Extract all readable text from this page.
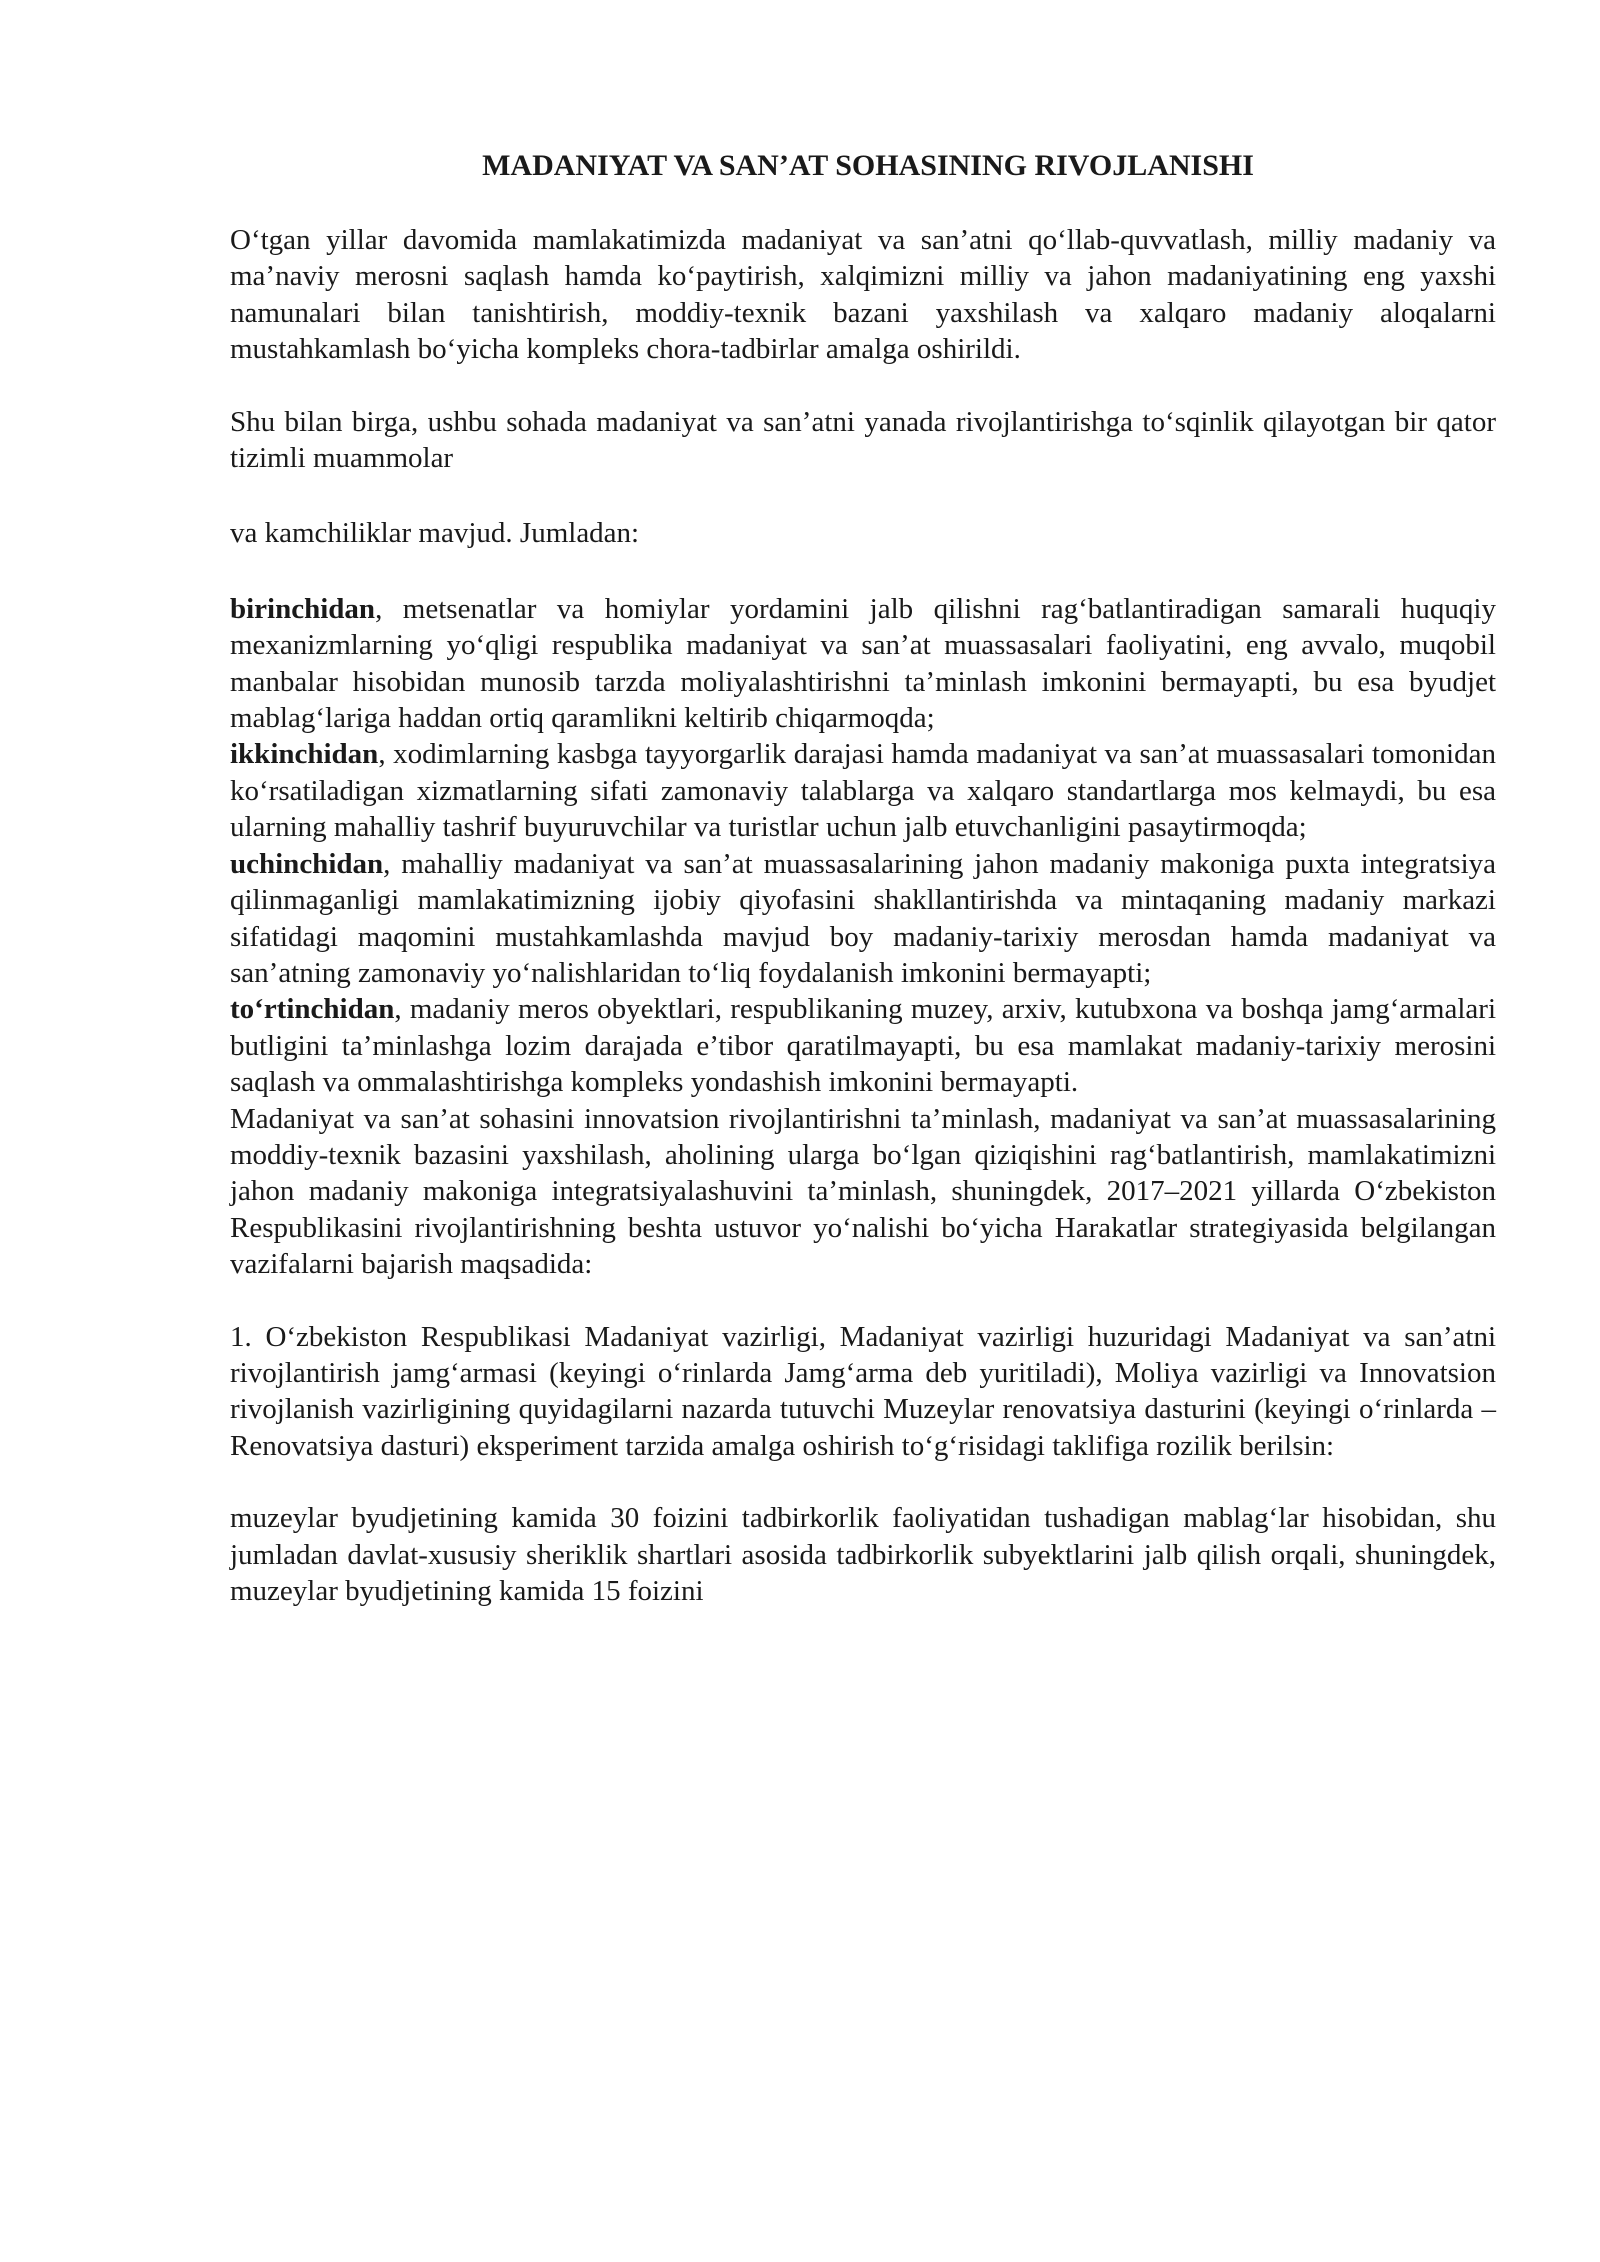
MADANIYAT VA SAN’AT SOHASINING RIVOJLANISHI

O‘tgan yillar davomida mamlakatimizda madaniyat va san’atni qo‘llab-quvvatlash, milliy madaniy va ma’naviy merosni saqlash hamda ko‘paytirish, xalqimizni milliy va jahon madaniyatining eng yaxshi namunalari bilan tanishtirish, moddiy-texnik bazani yaxshilash va xalqaro madaniy aloqalarni mustahkamlash bo‘yicha kompleks chora-tadbirlar amalga oshirildi.

Shu bilan birga, ushbu sohada madaniyat va san’atni yanada rivojlantirishga to‘sqinlik qilayotgan bir qator tizimli muammolar

va kamchiliklar mavjud. Jumladan:

birinchidan, metsenatlar va homiylar yordamini jalb qilishni rag‘batlantiradigan samarali huquqiy mexanizmlarning yo‘qligi respublika madaniyat va san’at muassasalari faoliyatini, eng avvalo, muqobil manbalar hisobidan munosib tarzda moliyalashtirishni ta’minlash imkonini bermayapti, bu esa byudjet mablag‘lariga haddan ortiq qaramlikni keltirib chiqarmoqda;

ikkinchidan, xodimlarning kasbga tayyorgarlik darajasi hamda madaniyat va san’at muassasalari tomonidan ko‘rsatiladigan xizmatlarning sifati zamonaviy talablarga va xalqaro standartlarga mos kelmaydi, bu esa ularning mahalliy tashrif buyuruvchilar va turistlar uchun jalb etuvchanligini pasaytirmoqda;

uchinchidan, mahalliy madaniyat va san’at muassasalarining jahon madaniy makoniga puxta integratsiya qilinmaganligi mamlakatimizning ijobiy qiyofasini shakllantirishda va mintaqaning madaniy markazi sifatidagi maqomini mustahkamlashda mavjud boy madaniy-tarixiy merosdan hamda madaniyat va san’atning zamonaviy yo‘nalishlaridan to‘liq foydalanish imkonini bermayapti;

to‘rtinchidan, madaniy meros obyektlari, respublikaning muzey, arxiv, kutubxona va boshqa jamg‘armalari butligini ta’minlashga lozim darajada e’tibor qaratilmayapti, bu esa mamlakat madaniy-tarixiy merosini saqlash va ommalashtirishga kompleks yondashish imkonini bermayapti.

Madaniyat va san’at sohasini innovatsion rivojlantirishni ta’minlash, madaniyat va san’at muassasalarining moddiy-texnik bazasini yaxshilash, aholining ularga bo‘lgan qiziqishini rag‘batlantirish, mamlakatimizni jahon madaniy makoniga integratsiyalashuvini ta’minlash, shuningdek, 2017–2021 yillarda O‘zbekiston Respublikasini rivojlantirishning beshta ustuvor yo‘nalishi bo‘yicha Harakatlar strategiyasida belgilangan vazifalarni bajarish maqsadida:

1. O‘zbekiston Respublikasi Madaniyat vazirligi, Madaniyat vazirligi huzuridagi Madaniyat va san’atni rivojlantirish jamg‘armasi (keyingi o‘rinlarda Jamg‘arma deb yuritiladi), Moliya vazirligi va Innovatsion rivojlanish vazirligining quyidagilarni nazarda tutuvchi Muzeylar renovatsiya dasturini (keyingi o‘rinlarda – Renovatsiya dasturi) eksperiment tarzida amalga oshirish to‘g‘risidagi taklifiga rozilik berilsin:

muzeylar byudjetining kamida 30 foizini tadbirkorlik faoliyatidan tushadigan mablag‘lar hisobidan, shu jumladan davlat-xususiy sheriklik shartlari asosida tadbirkorlik subyektlarini jalb qilish orqali, shuningdek, muzeylar byudjetining kamida 15 foizini
